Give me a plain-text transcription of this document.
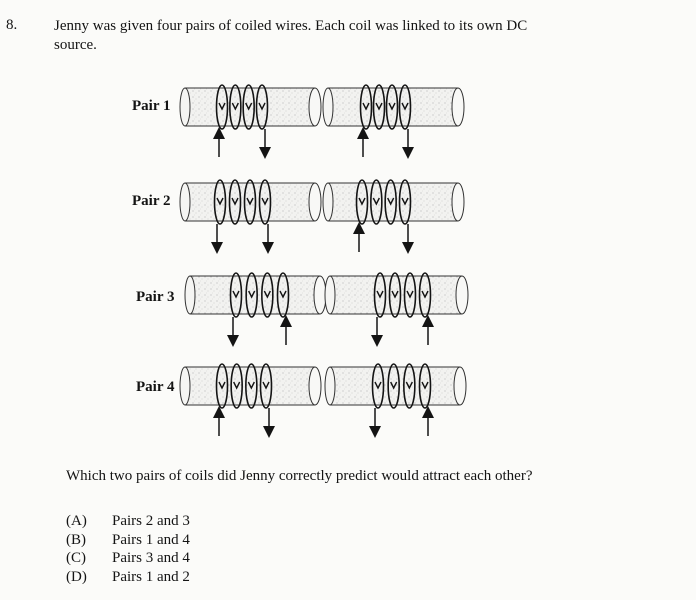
8. Jenny was given four pairs of coiled wires. Each coil was linked to its own DC
source.
Pair 1
Pair 2
Pair 3
Pair 4
Which two pairs of coils did Jenny correctly predict would attract each other?
(A)	Pairs 2 and 3
(B)	Pairs 1 and 4
(C)	Pairs 3 and 4
(D)	Pairs 1 and 2
